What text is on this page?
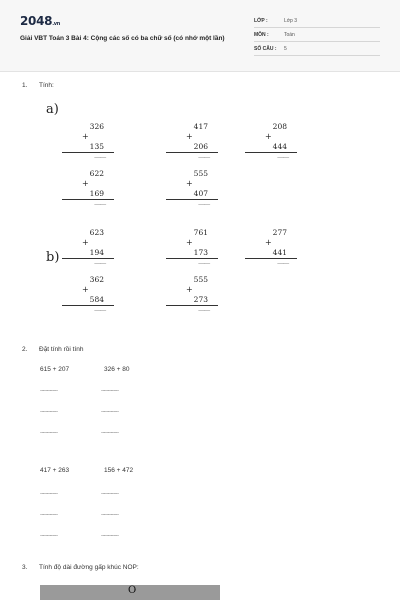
2048.vn
Giải VBT Toán 3 Bài 4: Cộng các số có ba chữ số (có nhớ một lần)
LỚP :	Lớp 3
MÔN :	Toán
SỐ CÂU : 5
1. Tính:
a)
b)
326
+
135
............
417
+
206
............
208
+
444
............
622
+
169
............
555
+
407
............
623
+
194
............
761
+
173
............
277
+
441
............
362
+
584
............
555
+
273
............
2. Đặt tính rồi tính
615 + 207	326 + 80
......................	......................
......................	......................
......................	......................
417 + 263	156 + 472
......................	......................
......................	......................
......................	......................
3. Tính độ dài đường gấp khúc NOP:
O
